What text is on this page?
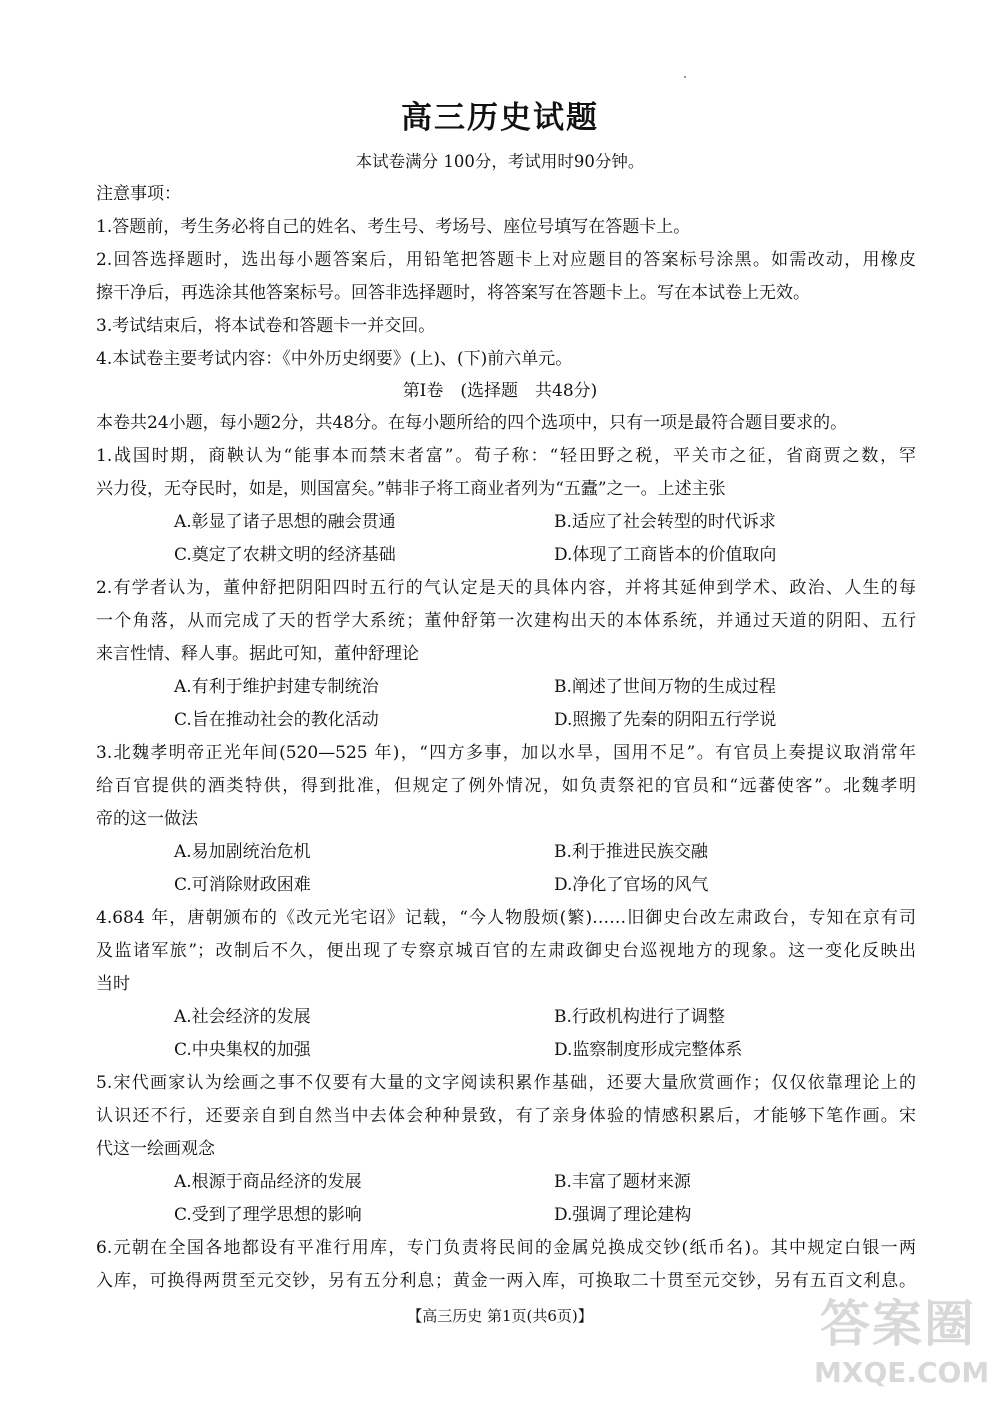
高三历史试题
本试卷满分 100分，考试用时90分钟。
注意事项：
1.答题前，考生务必将自己的姓名、考生号、考场号、座位号填写在答题卡上。
2.回答选择题时，选出每小题答案后，用铅笔把答题卡上对应题目的答案标号涂黑。如需改动，用橡皮
擦干净后，再选涂其他答案标号。回答非选择题时，将答案写在答题卡上。写在本试卷上无效。
3.考试结束后，将本试卷和答题卡一并交回。
4.本试卷主要考试内容：《中外历史纲要》(上)、(下)前六单元。
第Ⅰ卷　(选择题　共48分)
本卷共24小题，每小题2分，共48分。在每小题所给的四个选项中，只有一项是最符合题目要求的。
1.战国时期，商鞅认为“能事本而禁末者富”。荀子称：“轻田野之税，平关市之征，省商贾之数，罕
兴力役，无夺民时，如是，则国富矣。”韩非子将工商业者列为“五蠹”之一。上述主张
A.彰显了诸子思想的融会贯通	B.适应了社会转型的时代诉求
C.奠定了农耕文明的经济基础	D.体现了工商皆本的价值取向
2.有学者认为，董仲舒把阴阳四时五行的气认定是天的具体内容，并将其延伸到学术、政治、人生的每
一个角落，从而完成了天的哲学大系统；董仲舒第一次建构出天的本体系统，并通过天道的阴阳、五行
来言性情、释人事。据此可知，董仲舒理论
A.有利于维护封建专制统治	B.阐述了世间万物的生成过程
C.旨在推动社会的教化活动	D.照搬了先秦的阴阳五行学说
3.北魏孝明帝正光年间(520—525 年)，“四方多事，加以水旱，国用不足”。有官员上奏提议取消常年
给百官提供的酒类特供，得到批准，但规定了例外情况，如负责祭祀的官员和“远蕃使客”。北魏孝明
帝的这一做法
A.易加剧统治危机	B.利于推进民族交融
C.可消除财政困难	D.净化了官场的风气
4.684 年，唐朝颁布的《改元光宅诏》记载，“今人物殷烦(繁)……旧御史台改左肃政台，专知在京有司
及监诸军旅”；改制后不久，便出现了专察京城百官的左肃政御史台巡视地方的现象。这一变化反映出
当时
A.社会经济的发展	B.行政机构进行了调整
C.中央集权的加强	D.监察制度形成完整体系
5.宋代画家认为绘画之事不仅要有大量的文字阅读积累作基础，还要大量欣赏画作；仅仅依靠理论上的
认识还不行，还要亲自到自然当中去体会种种景致，有了亲身体验的情感积累后，才能够下笔作画。宋
代这一绘画观念
A.根源于商品经济的发展	B.丰富了题材来源
C.受到了理学思想的影响	D.强调了理论建构
6.元朝在全国各地都设有平准行用库，专门负责将民间的金属兑换成交钞(纸币名)。其中规定白银一两
入库，可换得两贯至元交钞，另有五分利息；黄金一两入库，可换取二十贯至元交钞，另有五百文利息。
【高三历史 第1页(共6页)】	答案圈
MXQE.COM
